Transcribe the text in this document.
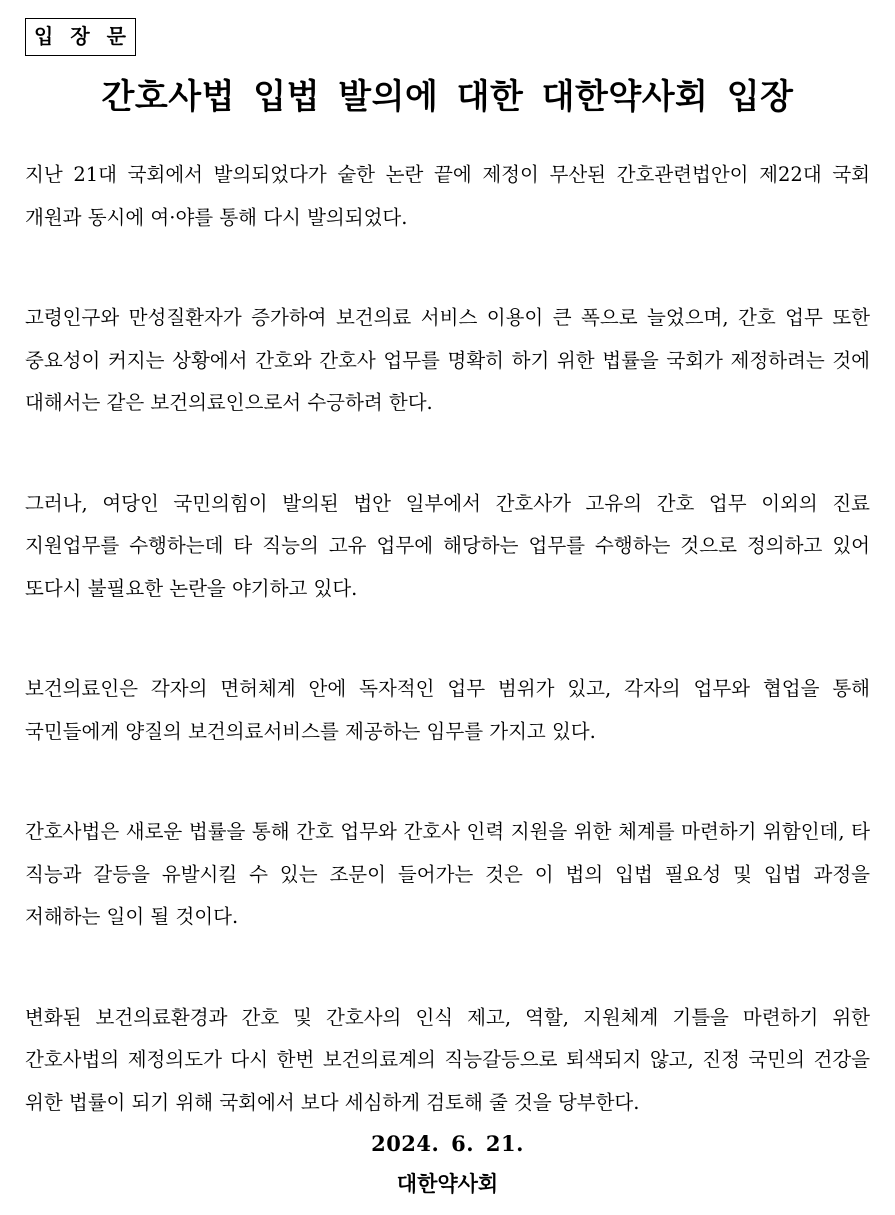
입 장 문
간호사법 입법 발의에 대한 대한약사회 입장

지난 21대 국회에서 발의되었다가 숱한 논란 끝에 제정이 무산된 간호관련법안이 제22대 국회 개원과 동시에 여·야를 통해 다시 발의되었다.

고령인구와 만성질환자가 증가하여 보건의료 서비스 이용이 큰 폭으로 늘었으며, 간호 업무 또한 중요성이 커지는 상황에서 간호와 간호사 업무를 명확히 하기 위한 법률을 국회가 제정하려는 것에 대해서는 같은 보건의료인으로서 수긍하려 한다.

그러나, 여당인 국민의힘이 발의된 법안 일부에서 간호사가 고유의 간호 업무 이외의 진료 지원업무를 수행하는데 타 직능의 고유 업무에 해당하는 업무를 수행하는 것으로 정의하고 있어 또다시 불필요한 논란을 야기하고 있다.

보건의료인은 각자의 면허체계 안에 독자적인 업무 범위가 있고, 각자의 업무와 협업을 통해 국민들에게 양질의 보건의료서비스를 제공하는 임무를 가지고 있다.

간호사법은 새로운 법률을 통해 간호 업무와 간호사 인력 지원을 위한 체계를 마련하기 위함인데, 타 직능과 갈등을 유발시킬 수 있는 조문이 들어가는 것은 이 법의 입법 필요성 및 입법 과정을 저해하는 일이 될 것이다.

변화된 보건의료환경과 간호 및 간호사의 인식 제고, 역할, 지원체계 기틀을 마련하기 위한 간호사법의 제정의도가 다시 한번 보건의료계의 직능갈등으로 퇴색되지 않고, 진정 국민의 건강을 위한 법률이 되기 위해 국회에서 보다 세심하게 검토해 줄 것을 당부한다.

2024. 6. 21.
대한약사회
